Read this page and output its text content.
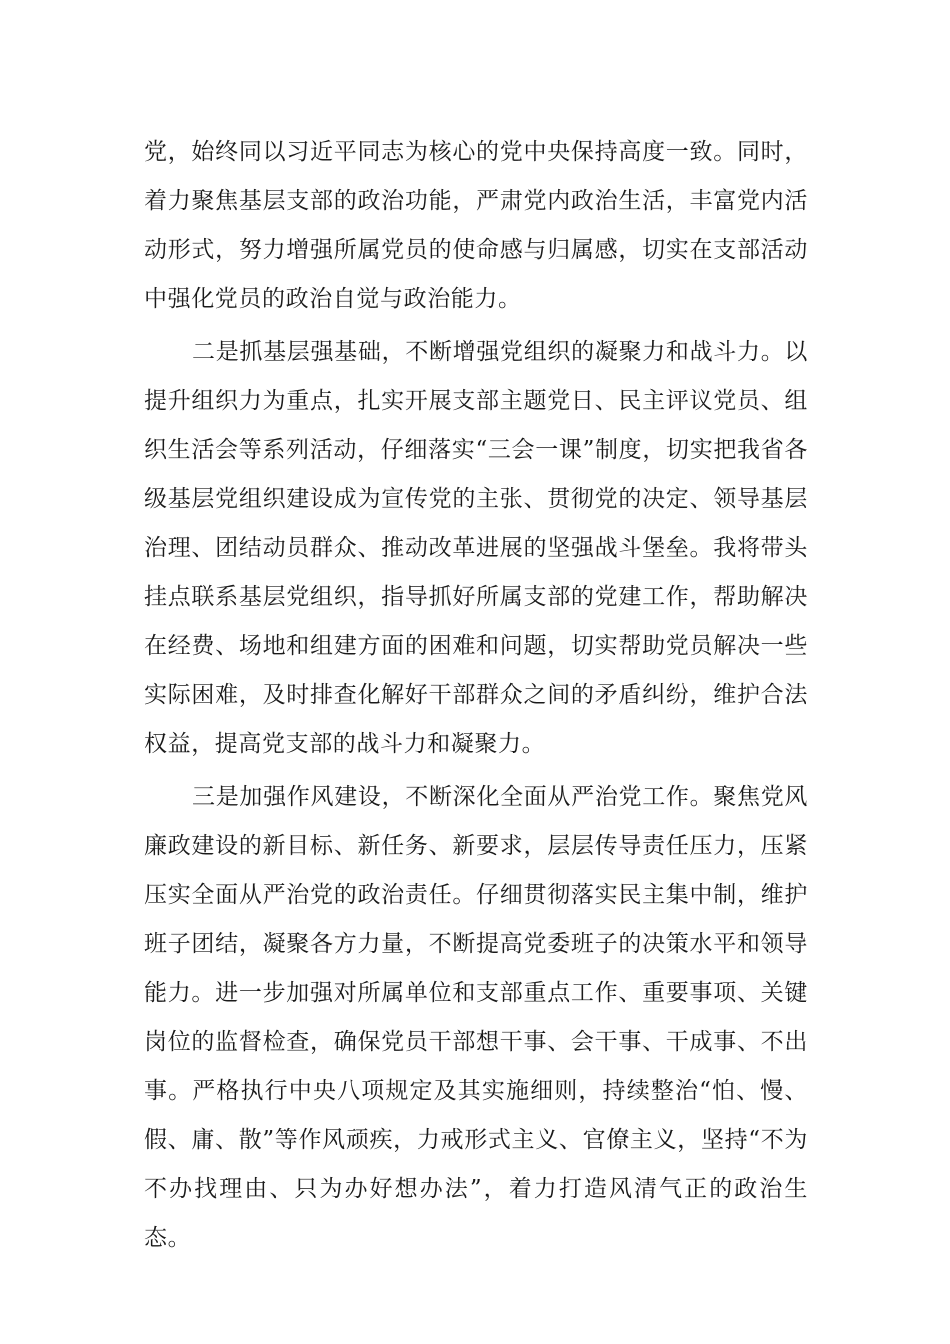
党，始终同以习近平同志为核心的党中央保持高度一致。同时，着力聚焦基层支部的政治功能，严肃党内政治生活，丰富党内活动形式，努力增强所属党员的使命感与归属感，切实在支部活动中强化党员的政治自觉与政治能力。

二是抓基层强基础，不断增强党组织的凝聚力和战斗力。以提升组织力为重点，扎实开展支部主题党日、民主评议党员、组织生活会等系列活动，仔细落实“三会一课”制度，切实把我省各级基层党组织建设成为宣传党的主张、贯彻党的决定、领导基层治理、团结动员群众、推动改革进展的坚强战斗堡垒。我将带头挂点联系基层党组织，指导抓好所属支部的党建工作，帮助解决在经费、场地和组建方面的困难和问题，切实帮助党员解决一些实际困难，及时排查化解好干部群众之间的矛盾纠纷，维护合法权益，提高党支部的战斗力和凝聚力。

三是加强作风建设，不断深化全面从严治党工作。聚焦党风廉政建设的新目标、新任务、新要求，层层传导责任压力，压紧压实全面从严治党的政治责任。仔细贯彻落实民主集中制，维护班子团结，凝聚各方力量，不断提高党委班子的决策水平和领导能力。进一步加强对所属单位和支部重点工作、重要事项、关键岗位的监督检查，确保党员干部想干事、会干事、干成事、不出事。严格执行中央八项规定及其实施细则，持续整治“怕、慢、假、庸、散”等作风顽疾，力戒形式主义、官僚主义，坚持“不为不办找理由、只为办好想办法”，着力打造风清气正的政治生态。
